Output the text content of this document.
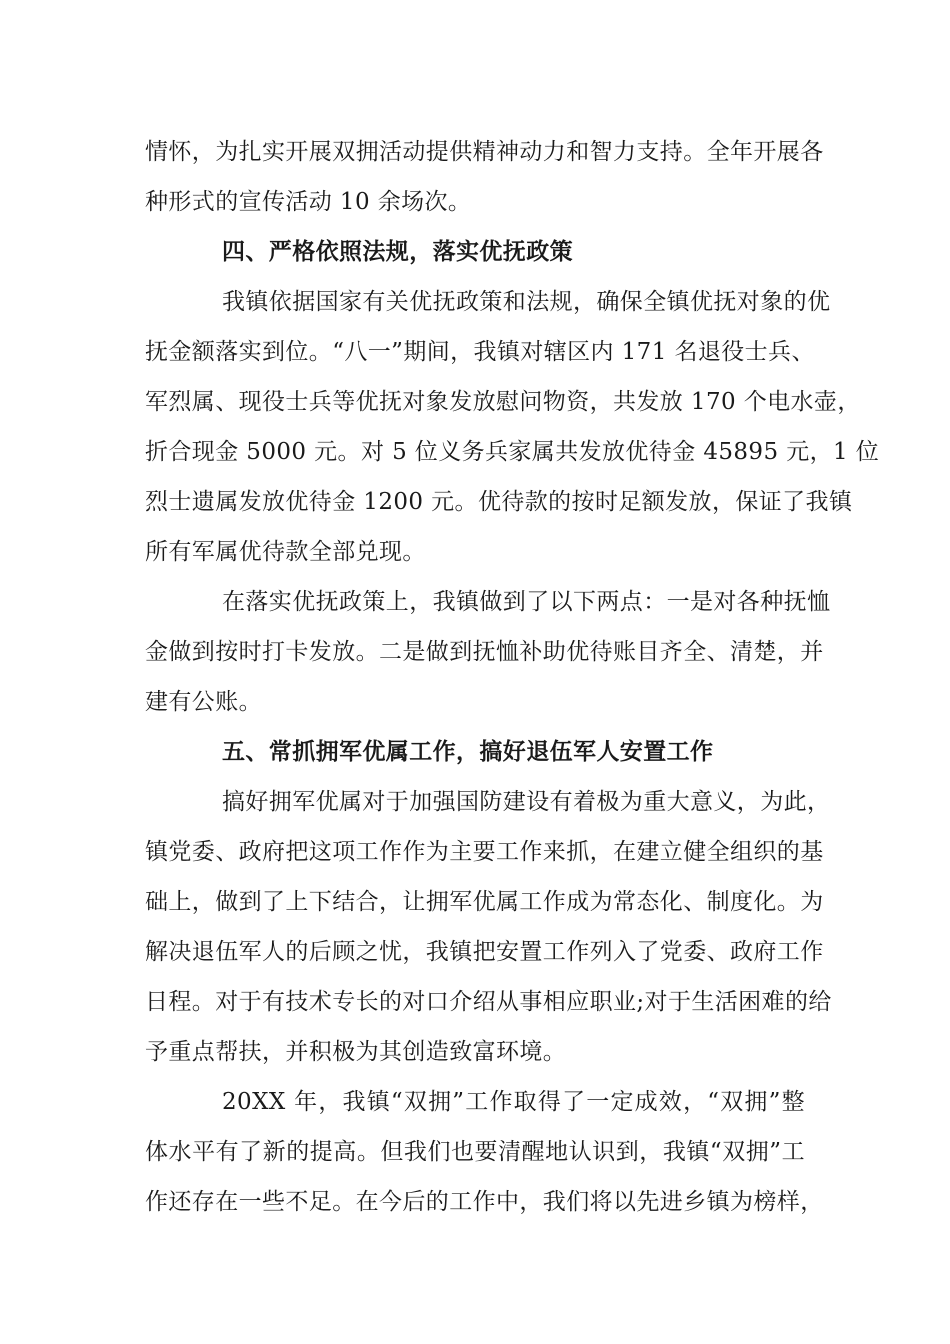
情怀，为扎实开展双拥活动提供精神动力和智力支持。全年开展各
种形式的宣传活动 10 余场次。
四、严格依照法规，落实优抚政策
我镇依据国家有关优抚政策和法规，确保全镇优抚对象的优
抚金额落实到位。“八一”期间，我镇对辖区内 171 名退役士兵、
军烈属、现役士兵等优抚对象发放慰问物资，共发放 170 个电水壶，
折合现金 5000 元。对 5 位义务兵家属共发放优待金 45895 元，1 位
烈士遗属发放优待金 1200 元。优待款的按时足额发放，保证了我镇
所有军属优待款全部兑现。
在落实优抚政策上，我镇做到了以下两点：一是对各种抚恤
金做到按时打卡发放。二是做到抚恤补助优待账目齐全、清楚，并
建有公账。
五、常抓拥军优属工作，搞好退伍军人安置工作
搞好拥军优属对于加强国防建设有着极为重大意义，为此，
镇党委、政府把这项工作作为主要工作来抓，在建立健全组织的基
础上，做到了上下结合，让拥军优属工作成为常态化、制度化。为
解决退伍军人的后顾之忧，我镇把安置工作列入了党委、政府工作
日程。对于有技术专长的对口介绍从事相应职业;对于生活困难的给
予重点帮扶，并积极为其创造致富环境。
20XX 年，我镇“双拥”工作取得了一定成效，“双拥”整
体水平有了新的提高。但我们也要清醒地认识到，我镇“双拥”工
作还存在一些不足。在今后的工作中，我们将以先进乡镇为榜样，
